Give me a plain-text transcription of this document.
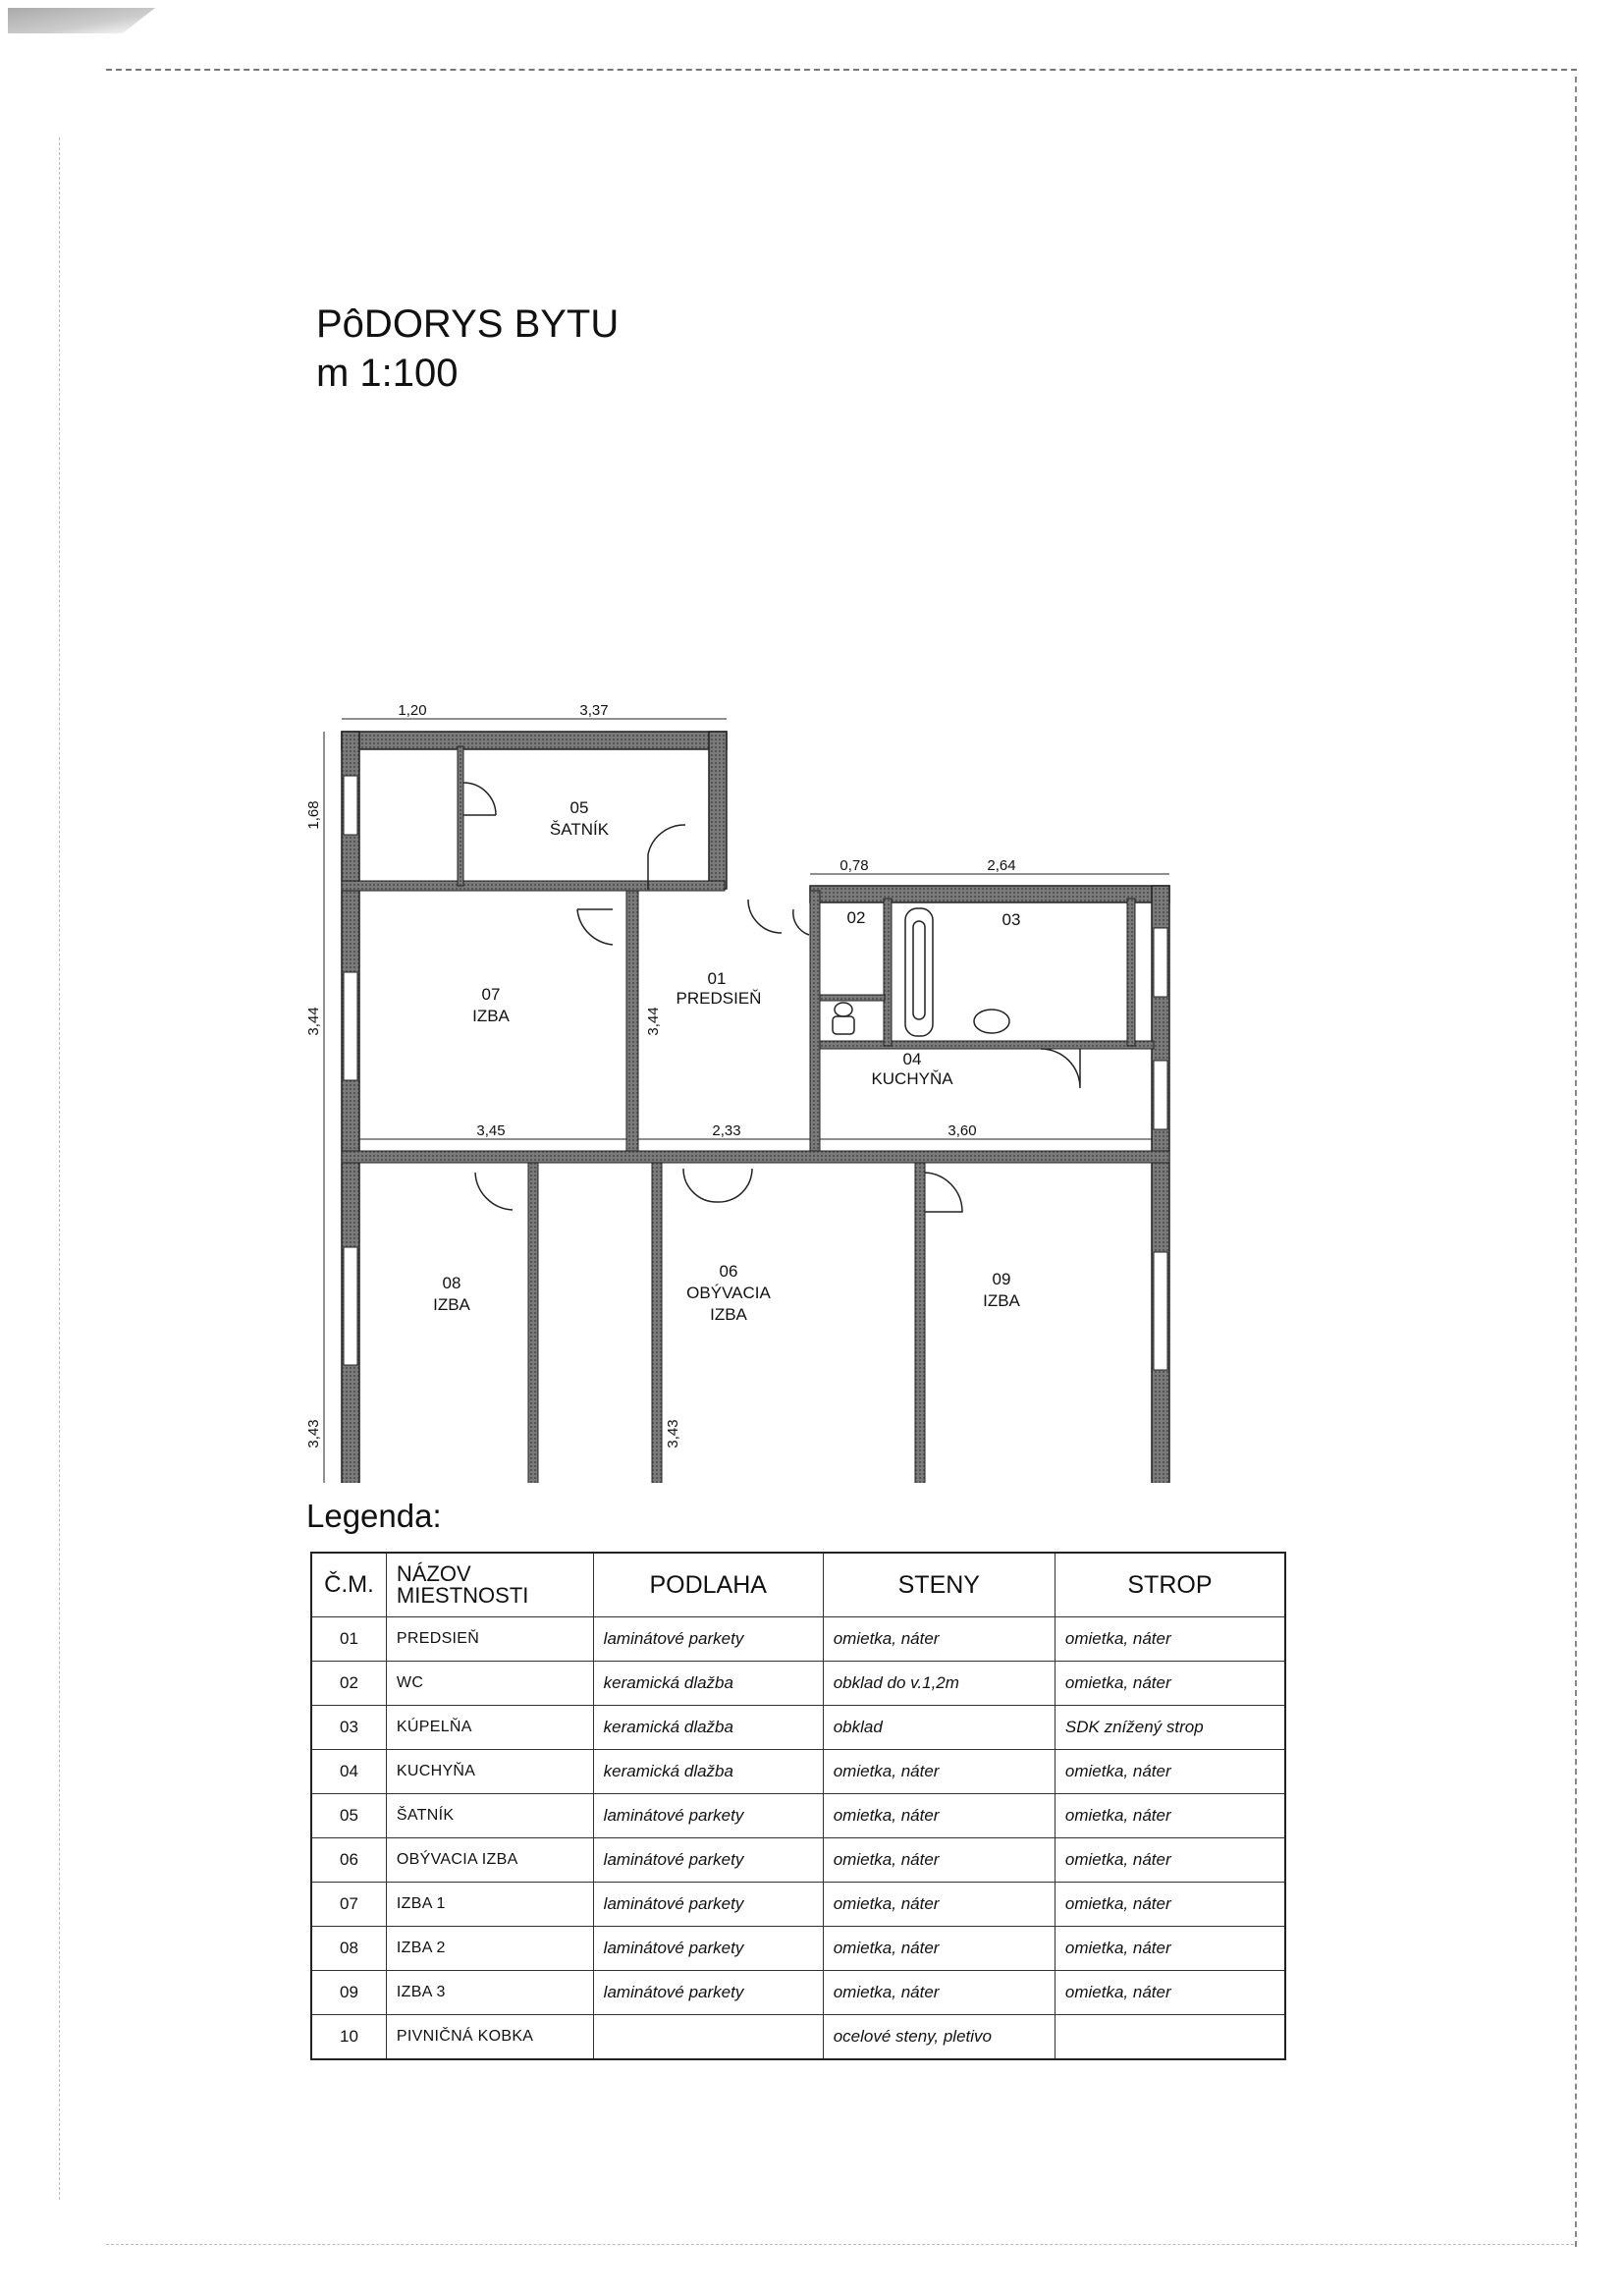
PôDORYS BYTU
m 1:100
05
ŠATNÍK
01
PREDSIEŇ
02	03
04
KUCHYŇA
07
IZBA
08
IZBA
06
OBÝVACIA
IZBA
09
IZBA
1,20	3,37
0,78	2,64
3,45	2,33	3,60
1,68
3,44
3,43
3,44
3,43
Legenda:
Č.M.	NÁZOV
MIESTNOSTI	PODLAHA	STENY	STROP
01	PREDSIEŇ	laminátové parkety	omietka, náter	omietka, náter
02	WC	keramická dlažba	obklad do v.1,2m	omietka, náter
03	KÚPELŇA	keramická dlažba	obklad	SDK znížený strop
04	KUCHYŇA	keramická dlažba	omietka, náter	omietka, náter
05	ŠATNÍK	laminátové parkety	omietka, náter	omietka, náter
06	OBÝVACIA IZBA	laminátové parkety	omietka, náter	omietka, náter
07	IZBA 1	laminátové parkety	omietka, náter	omietka, náter
08	IZBA 2	laminátové parkety	omietka, náter	omietka, náter
09	IZBA 3	laminátové parkety	omietka, náter	omietka, náter
10	PIVNIČNÁ KOBKA		ocelové steny, pletivo	
